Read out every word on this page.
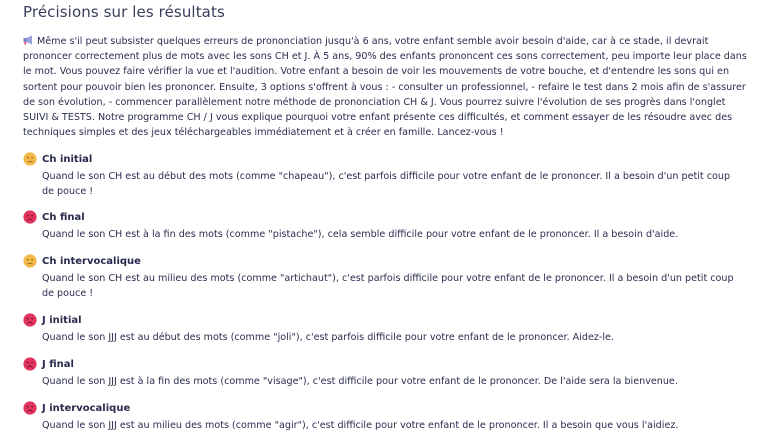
Précisions sur les résultats

Même s'il peut subsister quelques erreurs de prononciation jusqu'à 6 ans, votre enfant semble avoir besoin d'aide, car à ce stade, il devrait prononcer correctement plus de mots avec les sons CH et J. À 5 ans, 90% des enfants prononcent ces sons correctement, peu importe leur place dans le mot. Vous pouvez faire vérifier la vue et l'audition. Votre enfant a besoin de voir les mouvements de votre bouche, et d'entendre les sons qui en sortent pour pouvoir bien les prononcer. Ensuite, 3 options s'offrent à vous : - consulter un professionnel, - refaire le test dans 2 mois afin de s'assurer de son évolution, - commencer parallèlement notre méthode de prononciation CH & J. Vous pourrez suivre l'évolution de ses progrès dans l'onglet SUIVI & TESTS. Notre programme CH / J vous explique pourquoi votre enfant présente ces difficultés, et comment essayer de les résoudre avec des techniques simples et des jeux téléchargeables immédiatement et à créer en famille. Lancez-vous !

Ch initial
Quand le son CH est au début des mots (comme "chapeau"), c'est parfois difficile pour votre enfant de le prononcer. Il a besoin d'un petit coup de pouce !
Ch final
Quand le son CH est à la fin des mots (comme "pistache"), cela semble difficile pour votre enfant de le prononcer. Il a besoin d'aide.
Ch intervocalique
Quand le son CH est au milieu des mots (comme "artichaut"), c'est parfois difficile pour votre enfant de le prononcer. Il a besoin d'un petit coup de pouce !
J initial
Quand le son JJJ est au début des mots (comme "joli"), c'est parfois difficile pour votre enfant de le prononcer. Aidez-le.
J final
Quand le son JJJ est à la fin des mots (comme "visage"), c'est difficile pour votre enfant de le prononcer. De l'aide sera la bienvenue.
J intervocalique
Quand le son JJJ est au milieu des mots (comme "agir"), c'est difficile pour votre enfant de le prononcer. Il a besoin que vous l'aidiez.
